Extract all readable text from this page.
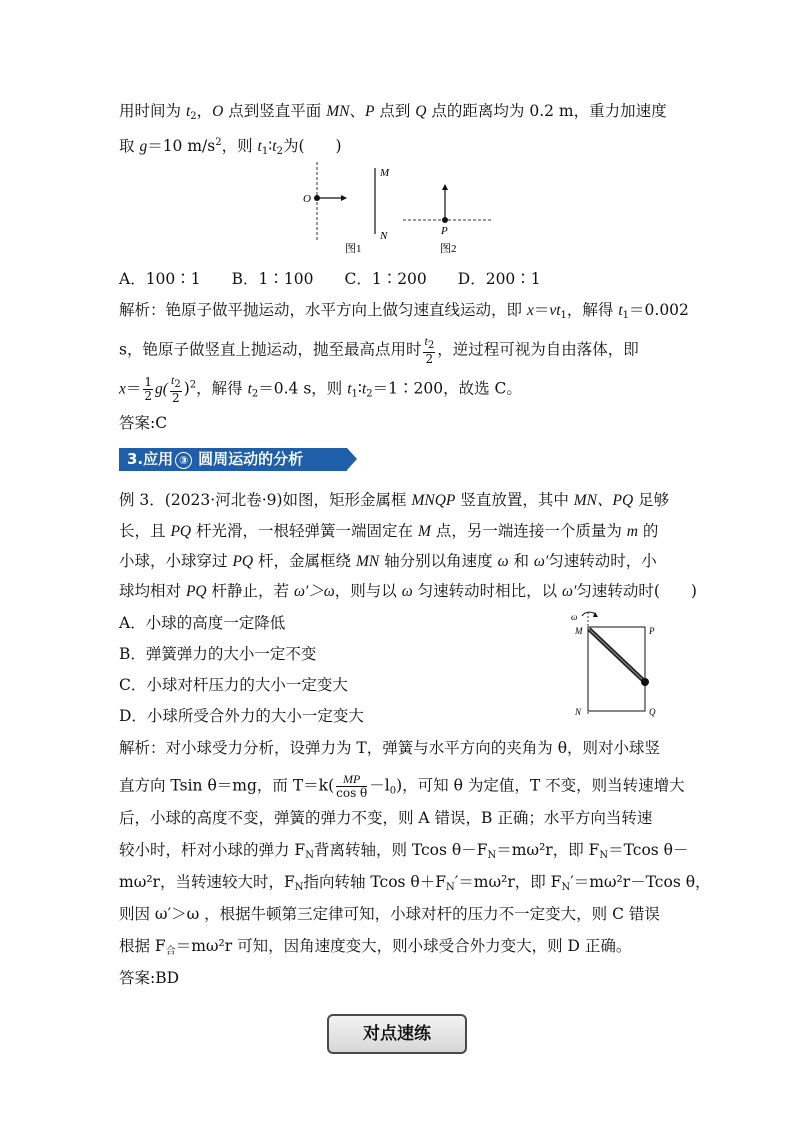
用时间为 $t_2$，O 点到竖直平面 MN、P 点到 Q 点的距离均为 0.2 m，重力加速度
取 g＝10 $m/s^2$，则 $t_1∶t_2$为(　　)
O
M
N
图1
P
图2
A．100∶1　　B．1∶100　　C．1∶200　　D．200∶1
解析：铯原子做平抛运动，水平方向上做匀速直线运动，即 $x=vt_1$，解得 $t_1=0.002$
s，铯原子做竖直上抛运动，抛至最高点用时 $\frac{t_2}{2}$ ，逆过程可视为自由落体，即
$x= \frac{1}{2} g( \frac{t_2}{2} )^2$，解得 $t_2=0.4$ s，则 $t_1∶t_2=1∶200$，故选 C。
答案:C
3.应用 ③ 圆周运动的分析
例 3．(2023·河北卷·9)如图，矩形金属框 MNQP 竖直放置，其中 MN、PQ 足够
长，且 PQ 杆光滑，一根轻弹簧一端固定在 M 点，另一端连接一个质量为 m 的
小球，小球穿过 PQ 杆，金属框绕 MN 轴分别以角速度 ω 和 ω′匀速转动时，小
球均相对 PQ 杆静止，若 ω′＞ω，则与以 ω 匀速转动时相比，以 ω′匀速转动时(　　)
A．小球的高度一定降低
B．弹簧弹力的大小一定不变
C．小球对杆压力的大小一定变大
D．小球所受合外力的大小一定变大
ω
M	P
N	Q
解析：对小球受力分析，设弹力为 T，弹簧与水平方向的夹角为 θ，则对小球竖
直方向 Tsin θ＝mg，而 $T=k( \frac{MP}{\text{cos θ}} -l_0)$，可知 θ 为定值，T 不变，则当转速增大
后，小球的高度不变，弹簧的弹力不变，则 A 错误，B 正确；水平方向当转速
较小时，杆对小球的弹力 $F_N$背离转轴，则 Tcos $\theta-F_N=m\omega^2r$，即 $F_N=Tcos$ θ－
mω²r，当转速较大时，$F_N$指向转轴 Tcos $\theta+F_N'=m\omega^2r$，即 $F_N'=m\omega^2r-Tcos$ θ，
则因 ω′＞ω ，根据牛顿第三定律可知，小球对杆的压力不一定变大，则 C 错误
根据 $F_合=m\omega^2r$ 可知，因角速度变大，则小球受合外力变大，则 D 正确。
答案:BD
对点速练
